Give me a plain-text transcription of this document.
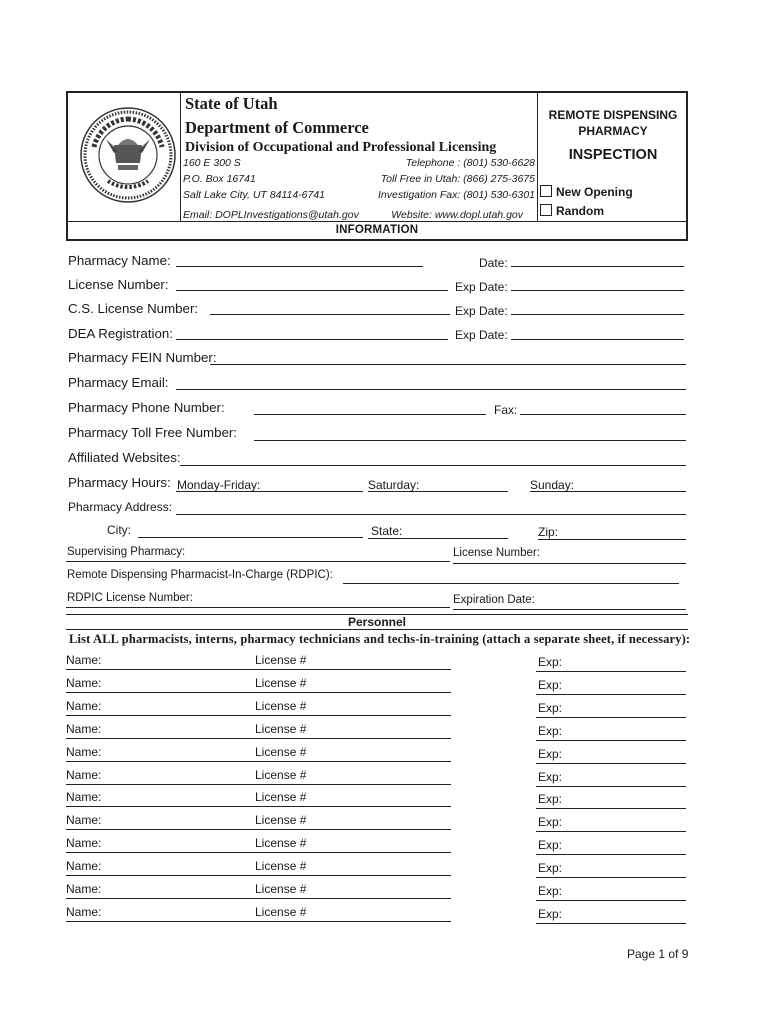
State of Utah
Department of Commerce
Division of Occupational and Professional Licensing
160 E 300 S
P.O. Box 16741
Salt Lake City, UT 84114-6741
Email: DOPLInvestigations@utah.gov
Telephone : (801) 530-6628
Toll Free in Utah: (866) 275-3675
Investigation Fax: (801) 530-6301
Website: www.dopl.utah.gov
REMOTE DISPENSING
PHARMACY
INSPECTION
New Opening
Random
INFORMATION
Pharmacy Name:	Date:
License Number:	Exp Date:
C.S. License Number:	Exp Date:
DEA Registration:	Exp Date:
Pharmacy FEIN Number:
Pharmacy Email:
Pharmacy Phone Number:	Fax:
Pharmacy Toll Free Number:
Affiliated Websites:
Pharmacy Hours: Monday-Friday:	Saturday:	Sunday:
Pharmacy Address:
City:	State:	Zip:
Supervising Pharmacy:	License Number:
Remote Dispensing Pharmacist-In-Charge (RDPIC):
RDPIC License Number:	Expiration Date:
Personnel
List ALL pharmacists, interns, pharmacy technicians and techs-in-training (attach a separate sheet, if necessary):
Name:	License #	Exp:
Name:	License #	Exp:
Name:	License #	Exp:
Name:	License #	Exp:
Name:	License #	Exp:
Name:	License #	Exp:
Name:	License #	Exp:
Name:	License #	Exp:
Name:	License #	Exp:
Name:	License #	Exp:
Name:	License #	Exp:
Name:	License #	Exp:
Page 1 of 9
